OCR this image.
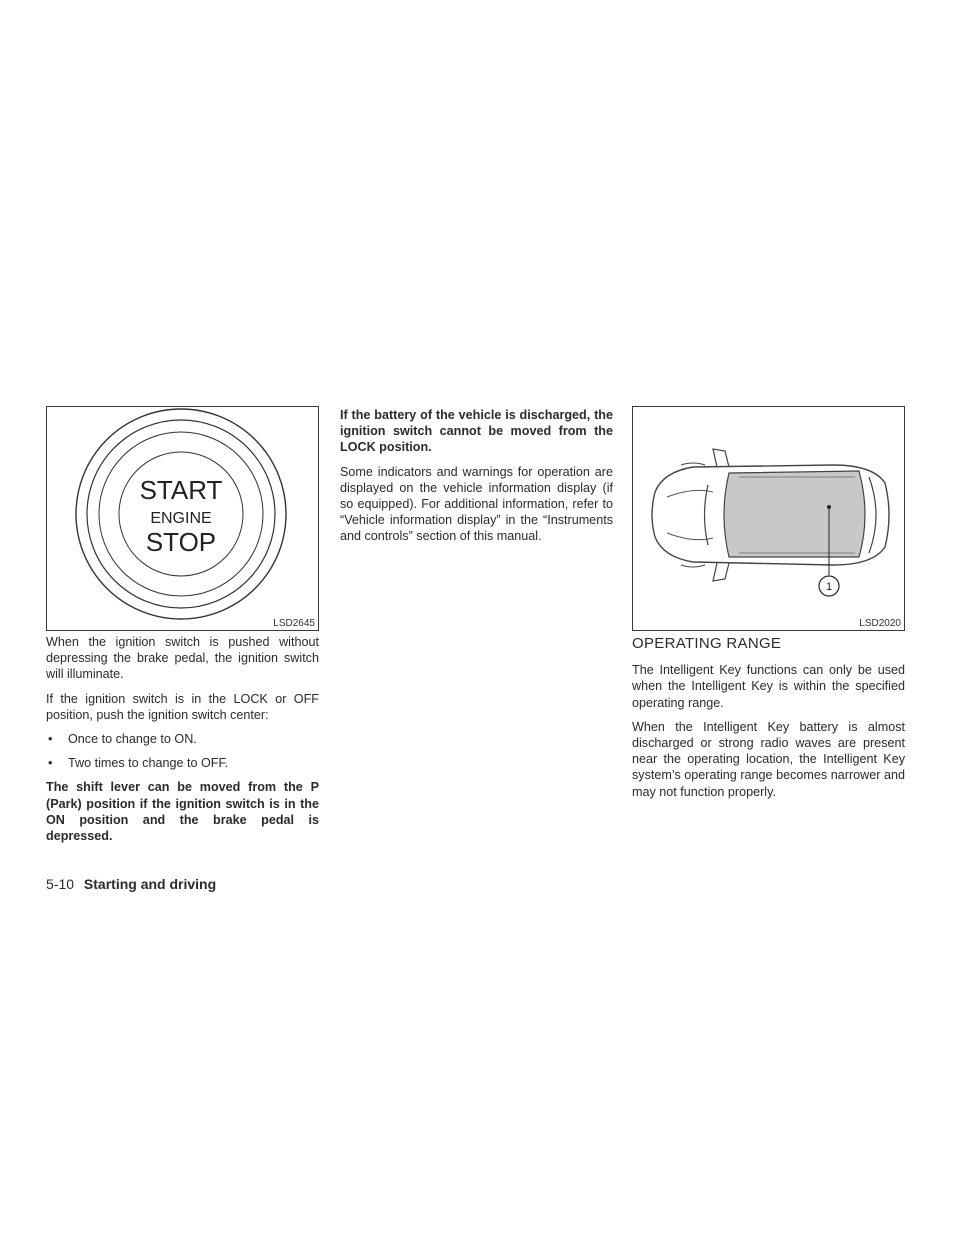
START
ENGINE
STOP
LSD2645
1
LSD2020

When the ignition switch is pushed without depressing the brake pedal, the ignition switch will illuminate.

If the ignition switch is in the LOCK or OFF position, push the ignition switch center:

• Once to change to ON.
• Two times to change to OFF.

The shift lever can be moved from the P (Park) position if the ignition switch is in the ON position and the brake pedal is depressed.

If the battery of the vehicle is discharged, the ignition switch cannot be moved from the LOCK position.

Some indicators and warnings for operation are displayed on the vehicle information display (if so equipped). For additional information, refer to “Vehicle information display” in the “Instruments and controls” section of this manual.

OPERATING RANGE

The Intelligent Key functions can only be used when the Intelligent Key is within the specified operating range.

When the Intelligent Key battery is almost discharged or strong radio waves are present near the operating location, the Intelligent Key system’s operating range becomes narrower and may not function properly.

5-10 Starting and driving
